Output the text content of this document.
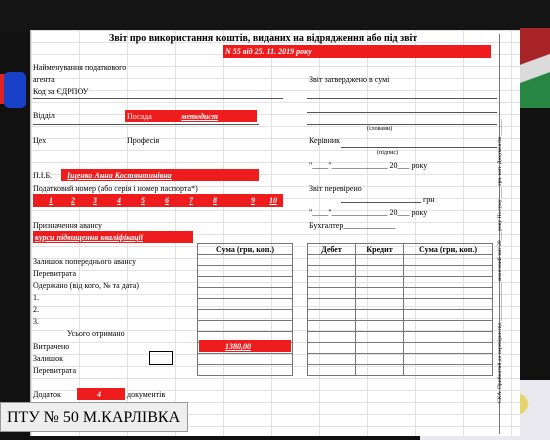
Звіт про використання коштів, виданих на відрядження або під звіт
N 55 від 25. 11. 2019 року
Найменування податкового
агента
Код за ЄДРПОУ
Звіт затверджено в сумі
(словами)
Відділ	Посада	методист
Цех	Професія	Керівник
(підпис)
"____"______________ 20___ року
П.І.Б. Іщенко Анна Костянтинівна
Податковий номер (або серія і номер паспорта*)	Звіт перевірено
1 2 3	4	5	6	7	8	9 10	грн
"____"______________ 20___ року
Призначення авансу	Бухгалтер_____________
курси підвищення кваліфікації
Сума (грн, коп.)	Дебет	Кредит	Сума (грн, коп.)

Залишок попереднього авансу
Перевитрата
Одержано (від кого, № та дата)
1.
2.
3.
Усього отримано
Витрачено	1380,00
Залишок
Перевитрата
Додаток	4	документів	СКА. Прийнятий до перевірки під ______________ авансовий звіт 20___ року На суму ____ грн. коп. Документів ______
ПТУ № 50 М.КАРЛІВКА
